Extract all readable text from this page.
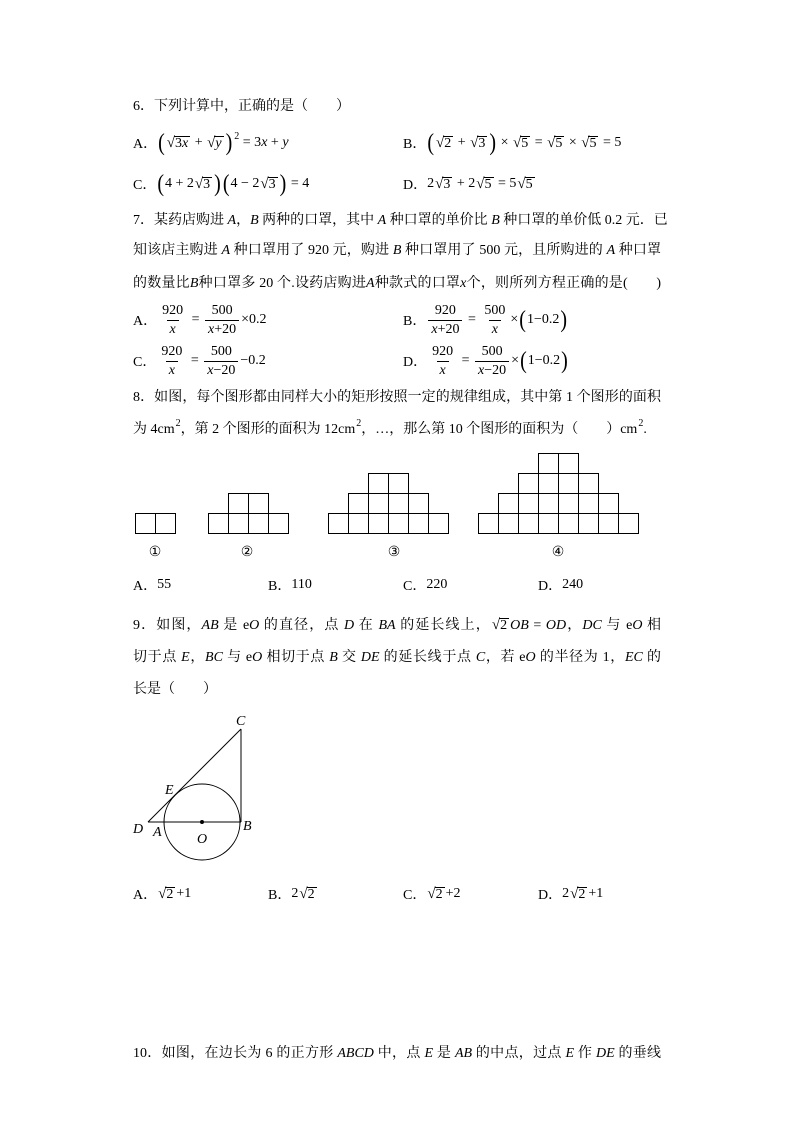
6．下列计算中，正确的是（　　）
A． ( √3x + √y ) 2 = 3 x + y	B． ( √2 + √3 ) × √5 = √5 × √5 = 5
C． ( 4 + 2 √3 ) ( 4 − 2 √3 ) = 4	D． 2 √3 + 2 √5 = 5 √5
7．某药店购进 A，B 两种的口罩，其中 A 种口罩的单价比 B 种口罩的单价低 0.2 元．已
知该店主购进 A 种口罩用了 920 元，购进 B 种口罩用了 500 元，且所购进的 A 种口罩
的数量比B种口罩多 20 个.设药店购进A种款式的口罩x个，则所列方程正确的是(　　)
A． $\frac{920}{x} = \frac{500}{x+20} \times 0.2$	B． $\frac{920}{x+20} = \frac{500}{x}$ × ( 1−0.2 )
C． $\frac{920}{x} = \frac{500}{x-20} -0.2$	D． $\frac{920}{x} = \frac{500}{x-20}$ × ( 1−0.2 )
8．如图，每个图形都由同样大小的矩形按照一定的规律组成，其中第 1 个图形的面积
为 $4cm^2$，第 2 个图形的面积为 $12cm^2$，…，那么第 10 个图形的面积为（　　）$cm^2$.
①	②	③	④
A． 55	B． 110	C． 220	D． 240
9．如图，AB 是 eO 的直径，点 D 在 BA 的延长线上，√2 OB = OD，DC 与 eO 相
切于点 E，BC 与 eO 相切于点 B 交 DE 的延长线于点 C，若 eO 的半径为 1，EC 的
长是（　　）
C
E
D A	O
B
A． √2 +1	B． 2 √2	C． √2 +2	D． 2 √2 +1
10．如图，在边长为 6 的正方形 ABCD 中，点 E 是 AB 的中点，过点 E 作 DE 的垂线
